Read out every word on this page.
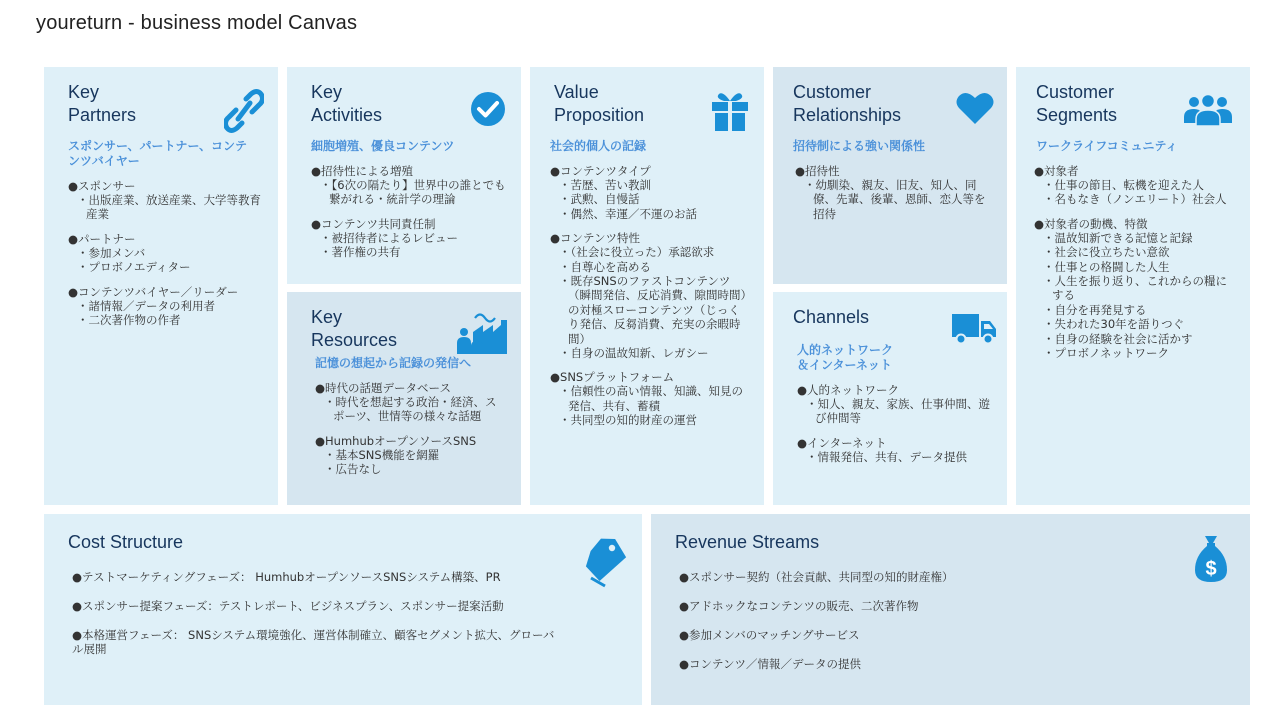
youreturn - business model Canvas
Key
Partners
スポンサー、パートナー、コンテ
ンツバイヤー
●スポンサー
・出版産業、放送産業、大学等教育産業
●パートナー
・参加メンバ
・プロボノエディター
●コンテンツバイヤー／リーダー
・諸情報／データの利用者
・二次著作物の作者
Key
Activities
細胞増殖、優良コンテンツ
●招待性による増殖
・【6次の隔たり】世界中の誰とでも繋がれる・統計学の理論
●コンテンツ共同責任制
・被招待者によるレビュー
・著作権の共有
Key
Resources
記憶の想起から記録の発信へ
●時代の話題データベース
・時代を想起する政治・経済、スポーツ、世情等の様々な話題
●HumhubオープンソースSNS
・基本SNS機能を網羅
・広告なし
Value
Proposition
社会的個人の記録
●コンテンツタイプ
・苦歴、苦い教訓
・武勲、自慢話
・偶然、幸運／不運のお話
●コンテンツ特性
・（社会に役立った）承認欲求
・自尊心を高める
・既存SNSのファストコンテンツ（瞬間発信、反応消費、隙間時間）の対極スローコンテンツ（じっくり発信、反芻消費、充実の余暇時間）
・自身の温故知新、レガシー
●SNSプラットフォーム
・信頼性の高い情報、知識、知見の発信、共有、蓄積
・共同型の知的財産の運営
Customer
Relationships
招待制による強い関係性
●招待性
・幼馴染、親友、旧友、知人、同僚、先輩、後輩、恩師、恋人等を招待
Channels
人的ネットワーク
＆インターネット
●人的ネットワーク
・知人、親友、家族、仕事仲間、遊び仲間等
●インターネット
・情報発信、共有、データ提供
Customer
Segments
ワークライフコミュニティ
●対象者
・仕事の節目、転機を迎えた人
・名もなき（ノンエリート）社会人
●対象者の動機、特徴
・温故知新できる記憶と記録
・社会に役立ちたい意欲
・仕事との格闘した人生
・人生を振り返り、これからの糧にする
・自分を再発見する
・失われた30年を語りつぐ
・自身の経験を社会に活かす
・プロボノネットワーク
Cost Structure
●テストマーケティングフェーズ： HumhubオープンソースSNSシステム構築、PR
●スポンサー提案フェーズ：テストレポート、ビジネスプラン、スポンサー提案活動
●本格運営フェーズ： SNSシステム環境強化、運営体制確立、顧客セグメント拡大、グローバル展開
Revenue Streams
●スポンサー契約（社会貢献、共同型の知的財産権）
●アドホックなコンテンツの販売、二次著作物
●参加メンバのマッチングサービス
●コンテンツ／情報／データの提供
$
